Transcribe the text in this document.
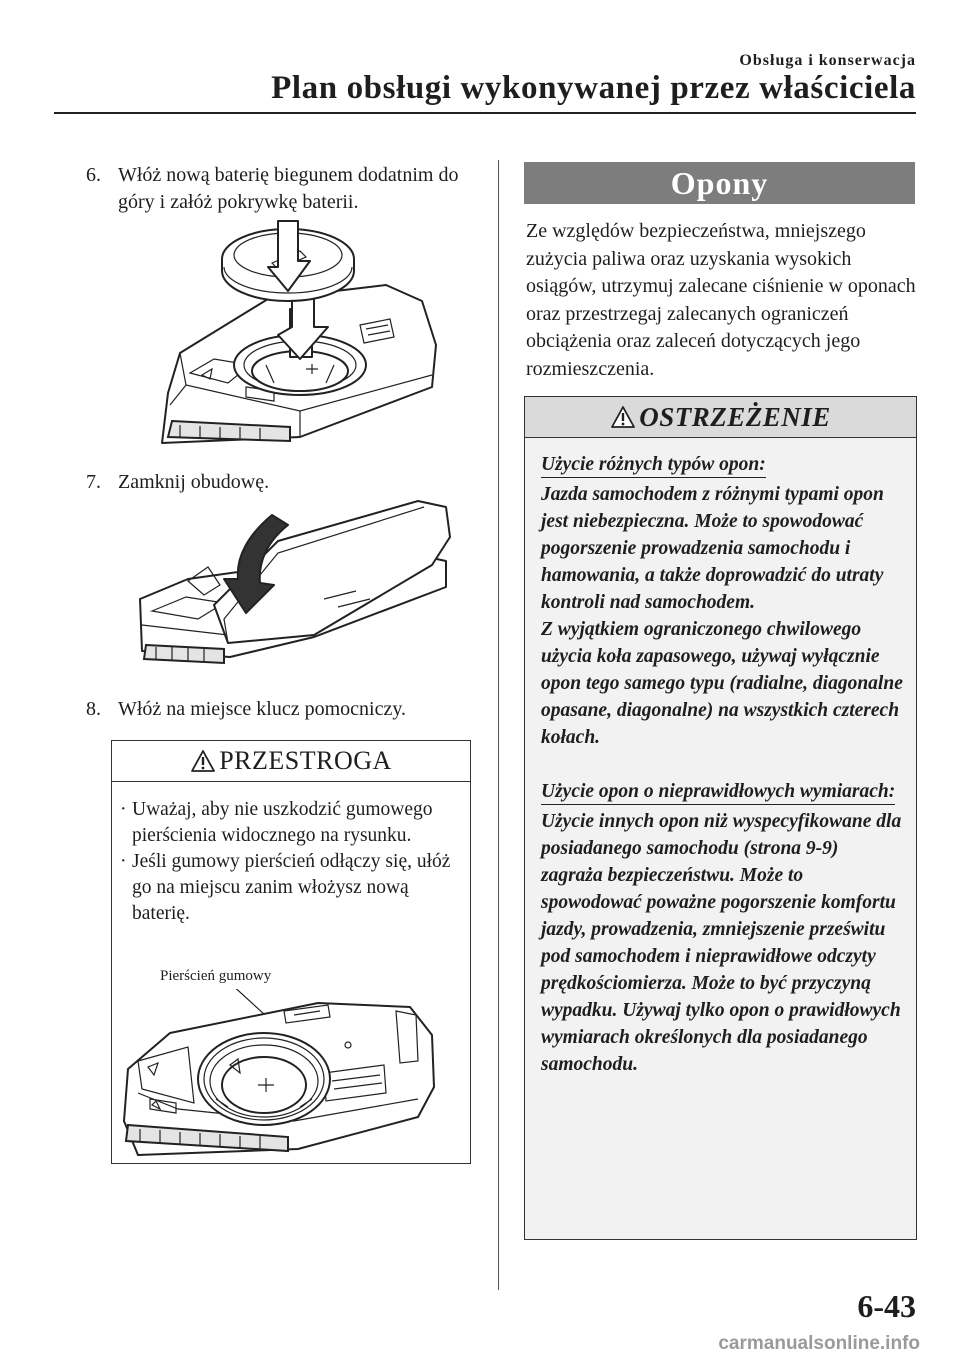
Obsługa i konserwacja
Plan obsługi wykonywanej przez właściciela
6. Włóż nową baterię biegunem dodatnim do góry i załóż pokrywkę baterii.
7. Zamknij obudowę.
8. Włóż na miejsce klucz pomocniczy.
PRZESTROGA
· Uważaj, aby nie uszkodzić gumowego pierścienia widocznego na rysunku.
· Jeśli gumowy pierścień odłączy się, ułóż go na miejscu zanim włożysz nową baterię.
Pierścień gumowy
Opony
Ze względów bezpieczeństwa, mniejszego zużycia paliwa oraz uzyskania wysokich osiągów, utrzymuj zalecane ciśnienie w oponach oraz przestrzegaj zalecanych ograniczeń obciążenia oraz zaleceń dotyczących jego rozmieszczenia.
OSTRZEŻENIE
Użycie różnych typów opon:

Jazda samochodem z różnymi typami opon jest niebezpieczna. Może to spowodować pogorszenie prowadzenia samochodu i hamowania, a także doprowadzić do utraty kontroli nad samochodem.

Z wyjątkiem ograniczonego chwilowego użycia koła zapasowego, używaj wyłącznie opon tego samego typu (radialne, diagonalne opasane, diagonalne) na wszystkich czterech kołach.

Użycie opon o nieprawidłowych wymiarach:

Użycie innych opon niż wyspecyfikowane dla posiadanego samochodu (strona 9-9) zagraża bezpieczeństwu. Może to spowodować poważne pogorszenie komfortu jazdy, prowadzenia, zmniejszenie prześwitu pod samochodem i nieprawidłowe odczyty prędkościomierza. Może to być przyczyną wypadku. Używaj tylko opon o prawidłowych wymiarach określonych dla posiadanego samochodu.

6-43
carmanualsonline.info
